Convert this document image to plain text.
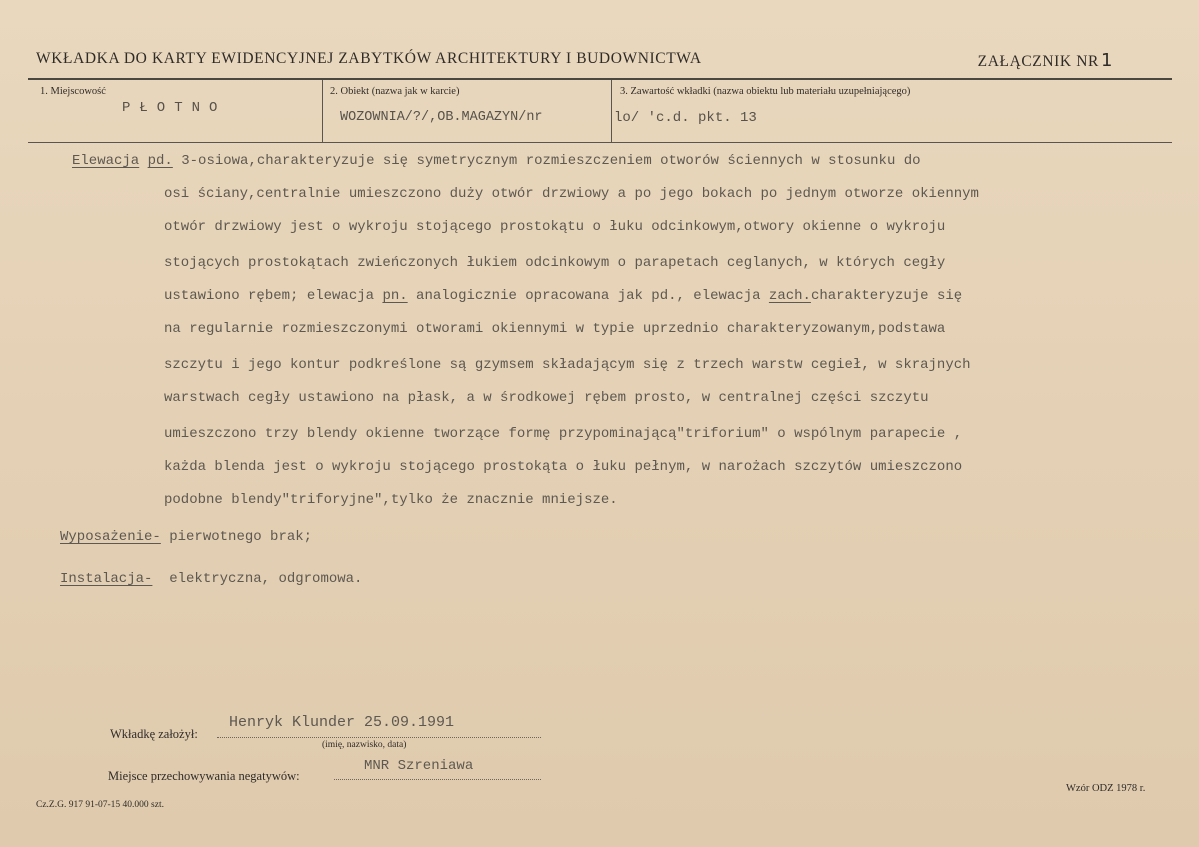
WKŁADKA DO KARTY EWIDENCYJNEJ ZABYTKÓW ARCHITEKTURY I BUDOWNICTWA	ZAŁĄCZNIK NR 1
1. Miejscowość
PŁOTNO
2. Obiekt (nazwa jak w karcie)
WOZOWNIA/?/,OB.MAGAZYN/nr
3. Zawartość wkładki (nazwa obiektu lub materiału uzupełniającego)
lo/ 'c.d. pkt. 13
Elewacja pd. 3-osiowa,charakteryzuje się symetrycznym rozmieszczeniem otworów ściennych w stosunku do
osi ściany,centralnie umieszczono duży otwór drzwiowy a po jego bokach po jednym otworze okiennym
otwór drzwiowy jest o wykroju stojącego prostokątu o łuku odcinkowym,otwory okienne o wykroju
stojących prostokątach zwieńczonych łukiem odcinkowym o parapetach ceglanych, w których cegły
ustawiono rębem; elewacja pn. analogicznie opracowana jak pd., elewacja zach.charakteryzuje się
na regularnie rozmieszczonymi otworami okiennymi w typie uprzednio charakteryzowanym,podstawa
szczytu i jego kontur podkreślone są gzymsem składającym się z trzech warstw cegieł, w skrajnych
warstwach cegły ustawiono na płask, a w środkowej rębem prosto, w centralnej części szczytu
umieszczono trzy blendy okienne tworzące formę przypominającą"triforium" o wspólnym parapecie ,
każda blenda jest o wykroju stojącego prostokąta o łuku pełnym, w narożach szczytów umieszczono
podobne blendy"triforyjne",tylko że znacznie mniejsze.
Wyposażenie- pierwotnego brak;
Instalacja-  elektryczna, odgromowa.
Wkładkę założył:
Henryk Klunder 25.09.1991
(imię, nazwisko, data)
Miejsce przechowywania negatywów:
MNR Szreniawa
Cz.Z.G. 917 91-07-15 40.000 szt.
Wzór ODZ 1978 r.
